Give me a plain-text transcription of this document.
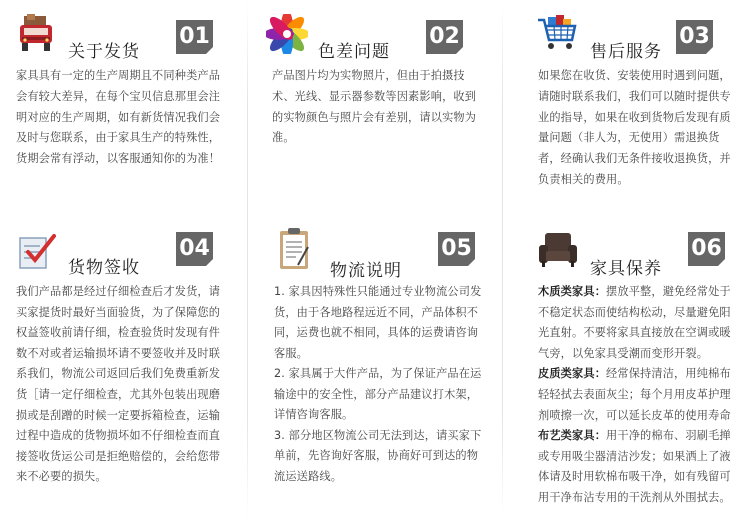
关于发货
01
家具具有一定的生产周期且不同种类产品会有较大差异，在每个宝贝信息那里会注明对应的生产周期，如有新货情况我们会及时与您联系，由于家具生产的特殊性，货期会常有浮动，以客服通知你的为准！
色差问题
02
产品图片均为实物照片，但由于拍摄技术、光线、显示器参数等因素影响，收到的实物颜色与照片会有差别，请以实物为准。
售后服务
03
如果您在收货、安装使用时遇到问题，请随时联系我们，我们可以随时提供专业的指导，如果在收到货物后发现有质量问题（非人为，无使用）需退换货者，经确认我们无条件接收退换货，并负责相关的费用。
货物签收
04
我们产品都是经过仔细检查后才发货，请买家提货时最好当面验货，为了保障您的权益签收前请仔细，检查验货时发现有件数不对或者运输损坏请不要签收并及时联系我们，物流公司返回后我们免费重新发货［请一定仔细检查，尤其外包装出现磨损或是刮蹭的时候一定要拆箱检查，运输过程中造成的货物损坏如不仔细检查而直接签收货运公司是拒绝赔偿的，会给您带来不必要的损失。
物流说明
05

1. 家具因特殊性只能通过专业物流公司发货，由于各地路程远近不同，产品体积不同，运费也就不相同，具体的运费请咨询客服。

2. 家具属于大件产品，为了保证产品在运输途中的安全性，部分产品建议打木架，详情咨询客服。

3. 部分地区物流公司无法到达，请买家下单前，先咨询好客服，协商好可到达的物流运送路线。

家具保养
06

木质类家具：摆放平整，避免经常处于不稳定状态而使结构松动，尽量避免阳光直射。不要将家具直接放在空调或暖气旁，以免家具受潮而变形开裂。

皮质类家具：经常保持清洁，用纯棉布轻轻拭去表面灰尘；每个月用皮革护理剂喷擦一次，可以延长皮革的使用寿命

布艺类家具：用干净的棉布、羽刷毛掸或专用吸尘器清洁沙发；如果洒上了液体请及时用软棉布吸干净，如有残留可用干净布沾专用的干洗剂从外围拭去。
